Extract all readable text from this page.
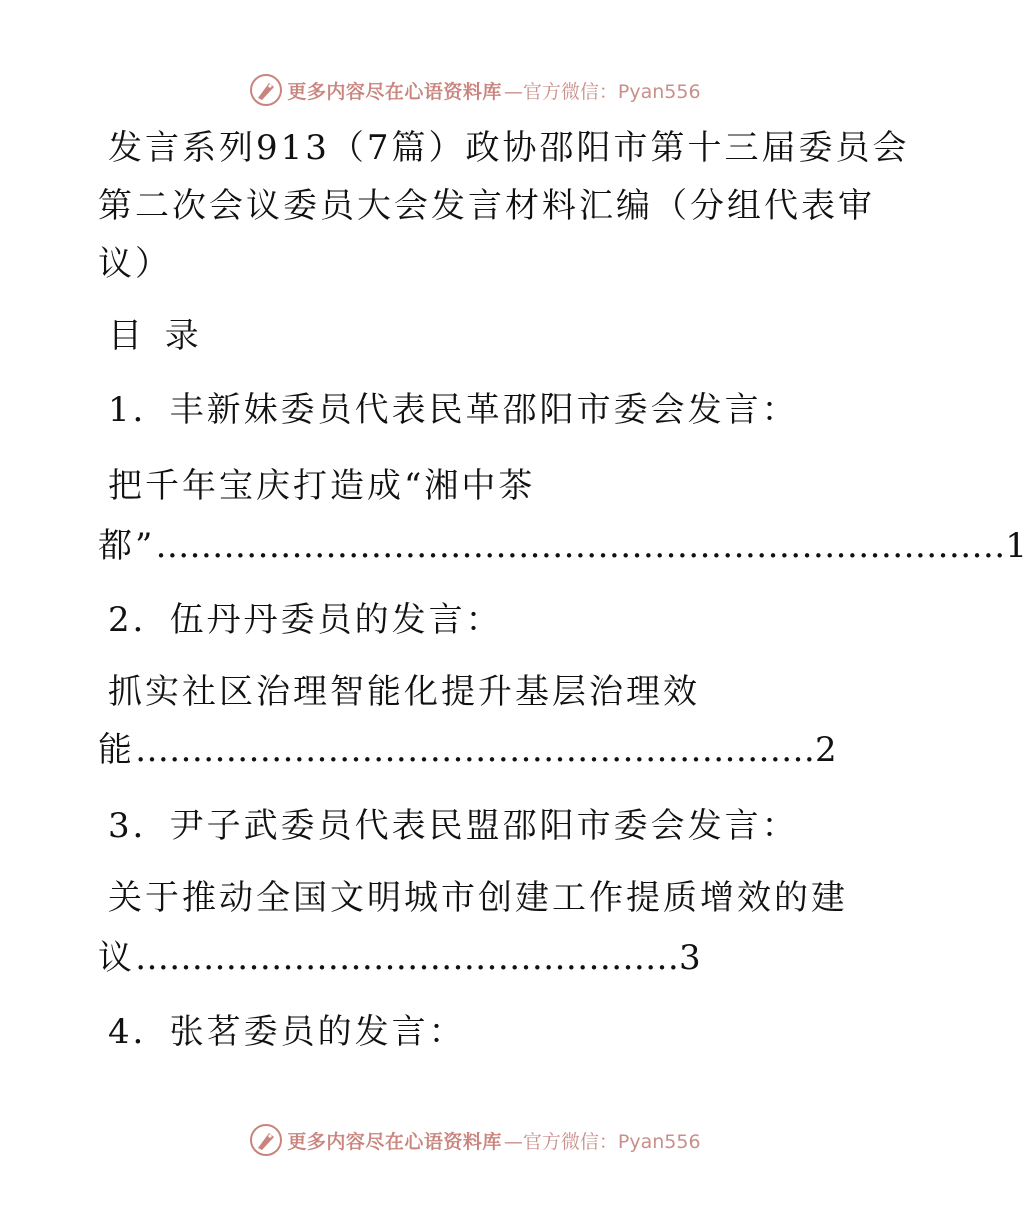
更多内容尽在心语资料库 —官方微信：Pyan556
发言系列913（7篇）政协邵阳市第十三届委员会
第二次会议委员大会发言材料汇编（分组代表审
议）
目 录
1．丰新妹委员代表民革邵阳市委会发言：
把千年宝庆打造成“湘中茶
都”…………………………………………………………………1
2．伍丹丹委员的发言：
抓实社区治理智能化提升基层治理效
能……………………………………………………2
3．尹子武委员代表民盟邵阳市委会发言：
关于推动全国文明城市创建工作提质增效的建
议…………………………………………3
4．张茗委员的发言：
更多内容尽在心语资料库 —官方微信：Pyan556
